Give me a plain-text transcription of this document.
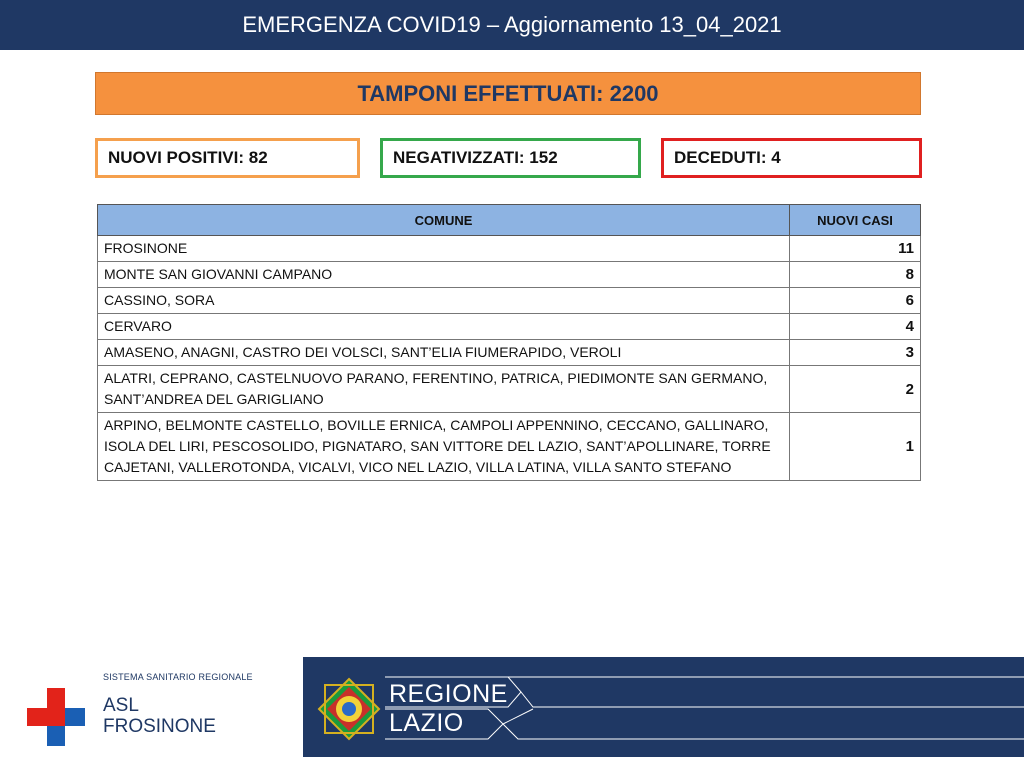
EMERGENZA COVID19 – Aggiornamento 13_04_2021
TAMPONI EFFETTUATI: 2200
NUOVI POSITIVI: 82	NEGATIVIZZATI: 152	DECEDUTI: 4
COMUNE	NUOVI CASI
FROSINONE	11
MONTE SAN GIOVANNI CAMPANO	8
CASSINO, SORA	6
CERVARO	4
AMASENO, ANAGNI, CASTRO DEI VOLSCI, SANT’ELIA FIUMERAPIDO, VEROLI	3
ALATRI, CEPRANO, CASTELNUOVO PARANO, FERENTINO, PATRICA, PIEDIMONTE SAN GERMANO, SANT’ANDREA DEL GARIGLIANO	2
ARPINO, BELMONTE CASTELLO, BOVILLE ERNICA, CAMPOLI APPENNINO, CECCANO, GALLINARO, ISOLA DEL LIRI, PESCOSOLIDO, PIGNATARO, SAN VITTORE DEL LAZIO, SANT’APOLLINARE, TORRE CAJETANI, VALLEROTONDA, VICALVI, VICO NEL LAZIO, VILLA LATINA, VILLA SANTO STEFANO	1
SISTEMA SANITARIO REGIONALE
ASL
FROSINONE
REGIONE
LAZIO
